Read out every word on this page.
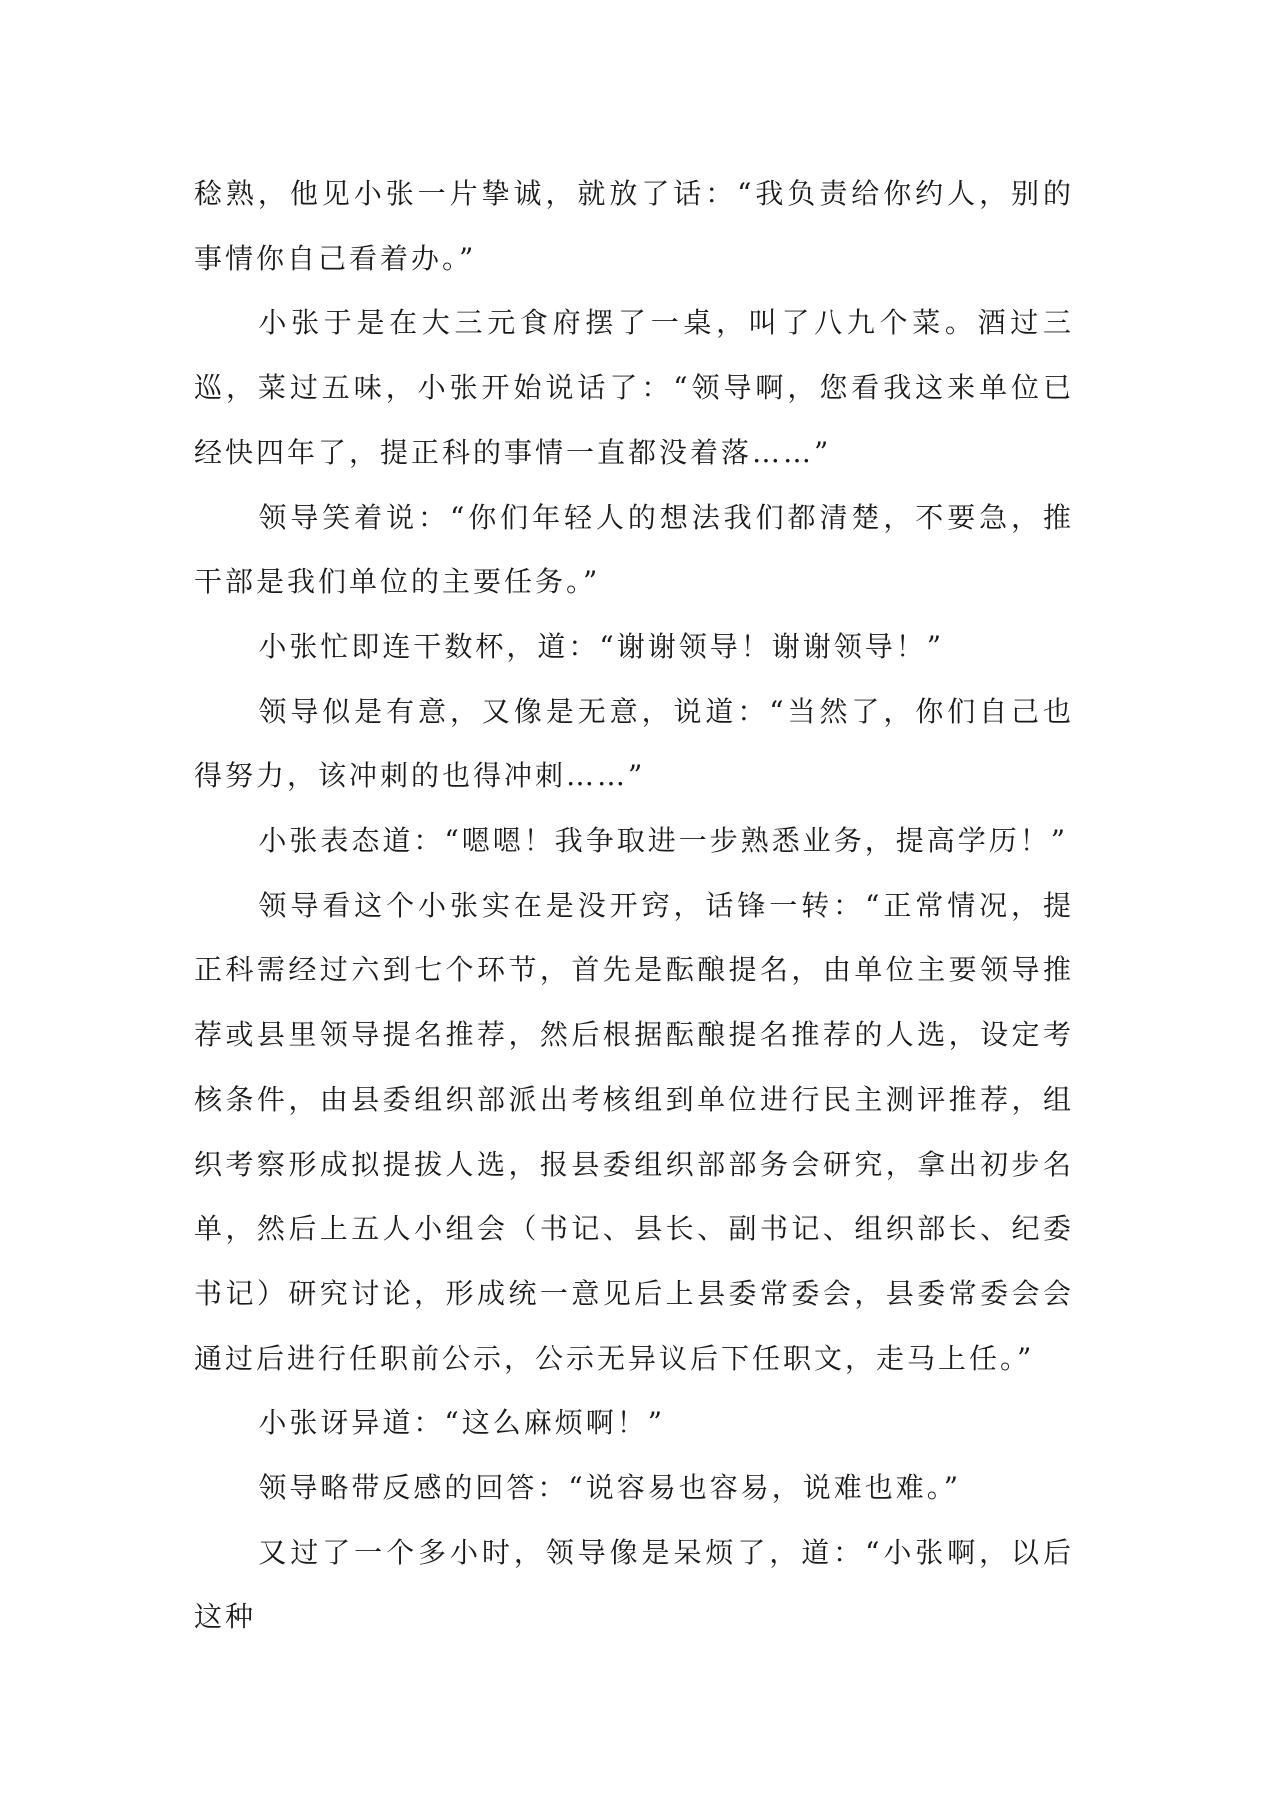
稔熟，他见小张一片挚诚，就放了话：“我负责给你约人，别的事情你自己看着办。”

小张于是在大三元食府摆了一桌，叫了八九个菜。酒过三巡，菜过五味，小张开始说话了：“领导啊，您看我这来单位已经快四年了，提正科的事情一直都没着落……”

领导笑着说：“你们年轻人的想法我们都清楚，不要急，推干部是我们单位的主要任务。”

小张忙即连干数杯，道：“谢谢领导！谢谢领导！”

领导似是有意，又像是无意，说道：“当然了，你们自己也得努力，该冲刺的也得冲刺……”

小张表态道：“嗯嗯！我争取进一步熟悉业务，提高学历！”

领导看这个小张实在是没开窍，话锋一转：“正常情况，提正科需经过六到七个环节，首先是酝酿提名，由单位主要领导推荐或县里领导提名推荐，然后根据酝酿提名推荐的人选，设定考核条件，由县委组织部派出考核组到单位进行民主测评推荐，组织考察形成拟提拔人选，报县委组织部部务会研究，拿出初步名单，然后上五人小组会（书记、县长、副书记、组织部长、纪委书记）研究讨论，形成统一意见后上县委常委会，县委常委会会通过后进行任职前公示，公示无异议后下任职文，走马上任。”

小张讶异道：“这么麻烦啊！”

领导略带反感的回答：“说容易也容易，说难也难。”

又过了一个多小时，领导像是呆烦了，道：“小张啊，以后这种
